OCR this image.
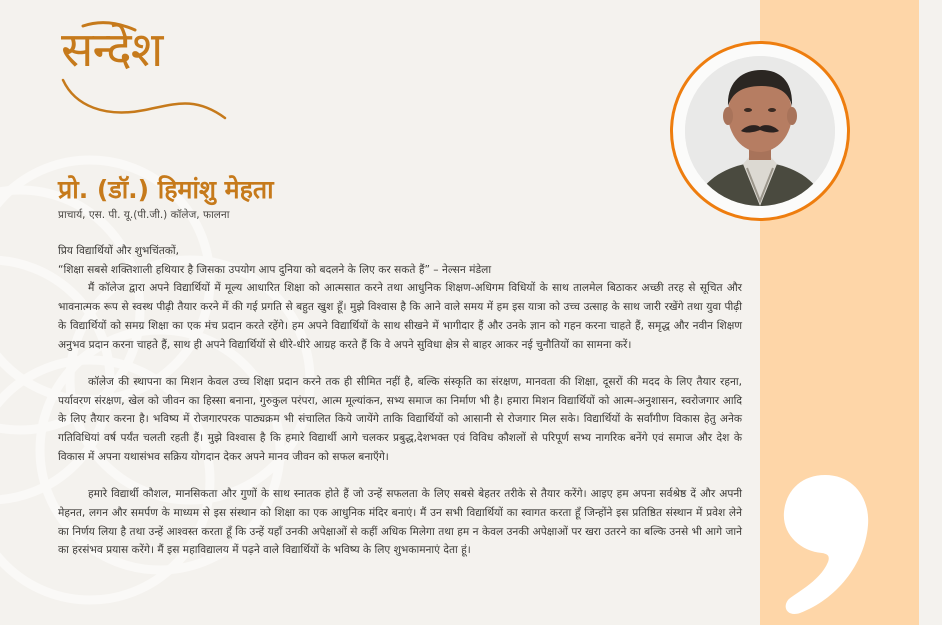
सन्देश
प्रो. (डॉ.) हिमांशु मेहता
प्राचार्य, एस. पी. यू.(पी.जी.) कॉलेज, फालना

प्रिय विद्यार्थियों और शुभचिंतकों,

“शिक्षा सबसे शक्तिशाली हथियार है जिसका उपयोग आप दुनिया को बदलने के लिए कर सकते हैं” – नेल्सन मंडेला

मैं कॉलेज द्वारा अपने विद्यार्थियों में मूल्य आधारित शिक्षा को आत्मसात करने तथा आधुनिक शिक्षण-अधिगम विधियों के साथ तालमेल बिठाकर अच्छी तरह से सूचित और भावनात्मक रूप से स्वस्थ पीढ़ी तैयार करने में की गई प्रगति से बहुत खुश हूँ। मुझे विश्वास है कि आने वाले समय में हम इस यात्रा को उच्च उत्साह के साथ जारी रखेंगे तथा युवा पीढ़ी के विद्यार्थियों को समग्र शिक्षा का एक मंच प्रदान करते रहेंगे। हम अपने विद्यार्थियों के साथ सीखने में भागीदार हैं और उनके ज्ञान को गहन करना चाहते हैं, समृद्ध और नवीन शिक्षण अनुभव प्रदान करना चाहते हैं, साथ ही अपने विद्यार्थियों से धीरे-धीरे आग्रह करते हैं कि वे अपने सुविधा क्षेत्र से बाहर आकर नई चुनौतियों का सामना करें।

कॉलेज की स्थापना का मिशन केवल उच्च शिक्षा प्रदान करने तक ही सीमित नहीं है, बल्कि संस्कृति का संरक्षण, मानवता की शिक्षा, दूसरों की मदद के लिए तैयार रहना, पर्यावरण संरक्षण, खेल को जीवन का हिस्सा बनाना, गुरुकुल परंपरा, आत्म मूल्यांकन, सभ्य समाज का निर्माण भी है। हमारा मिशन विद्यार्थियों को आत्म-अनुशासन, स्वरोजगार आदि के लिए तैयार करना है। भविष्य में रोजगारपरक पाठ्यक्रम भी संचालित किये जायेंगे ताकि विद्यार्थियों को आसानी से रोजगार मिल सके। विद्यार्थियों के सर्वांगीण विकास हेतु अनेक गतिविधियां वर्ष पर्यंत चलती रहती हैं। मुझे विश्वास है कि हमारे विद्यार्थी आगे चलकर प्रबुद्ध,देशभक्त एवं विविध कौशलों से परिपूर्ण सभ्य नागरिक बनेंगे एवं समाज और देश के विकास में अपना यथासंभव सक्रिय योगदान देकर अपने मानव जीवन को सफल बनाएँगे।

हमारे विद्यार्थी कौशल, मानसिकता और गुणों के साथ स्नातक होते हैं जो उन्हें सफलता के लिए सबसे बेहतर तरीके से तैयार करेंगे। आइए हम अपना सर्वश्रेष्ठ दें और अपनी मेहनत, लगन और समर्पण के माध्यम से इस संस्थान को शिक्षा का एक आधुनिक मंदिर बनाएं। मैं उन सभी विद्यार्थियों का स्वागत करता हूँ जिन्होंने इस प्रतिष्ठित संस्थान में प्रवेश लेने का निर्णय लिया है तथा उन्हें आश्वस्त करता हूँ कि उन्हें यहाँ उनकी अपेक्षाओं से कहीं अधिक मिलेगा तथा हम न केवल उनकी अपेक्षाओं पर खरा उतरने का बल्कि उनसे भी आगे जाने का हरसंभव प्रयास करेंगे। मैं इस महाविद्यालय में पढ़ने वाले विद्यार्थियों के भविष्य के लिए शुभकामनाएं देता हूं।
